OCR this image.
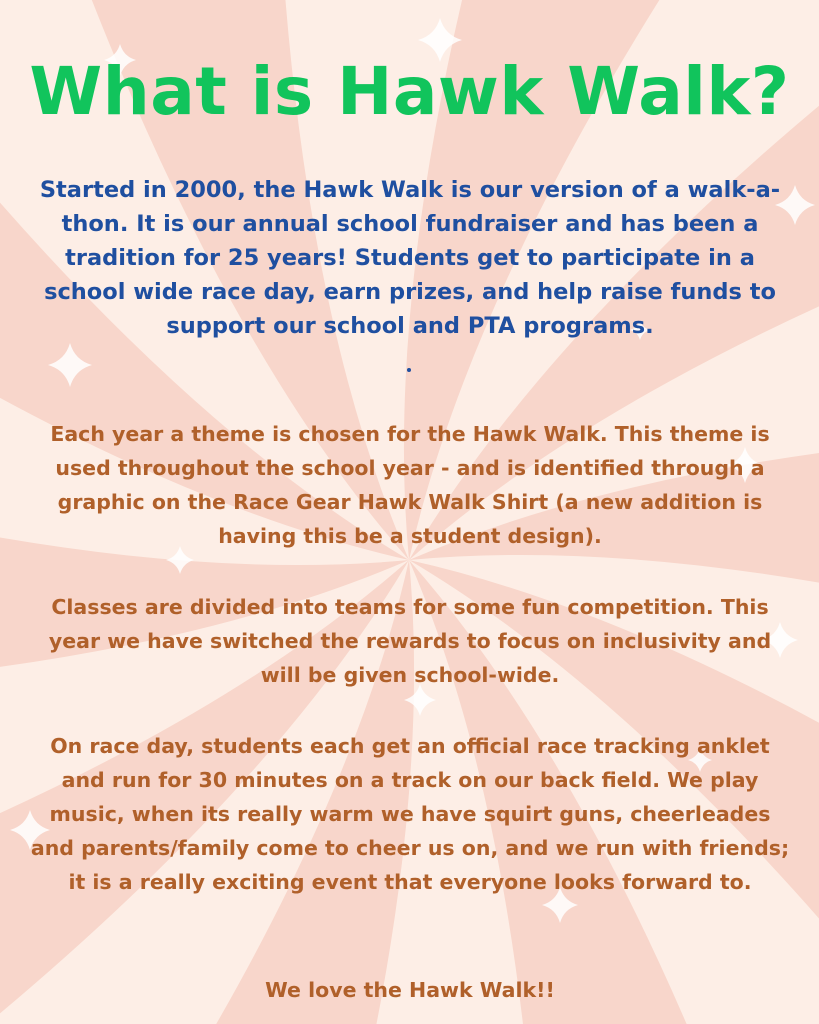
What is Hawk Walk?

Started in 2000, the Hawk Walk is our version of a walk-a-thon. It is our annual school fundraiser and has been a tradition for 25 years! Students get to participate in a school wide race day, earn prizes, and help raise funds to support our school and PTA programs.

Each year a theme is chosen for the Hawk Walk. This theme is used throughout the school year - and is identified through a graphic on the Race Gear Hawk Walk Shirt (a new addition is having this be a student design).

Classes are divided into teams for some fun competition. This year we have switched the rewards to focus on inclusivity and will be given school-wide.

On race day, students each get an official race tracking anklet and run for 30 minutes on a track on our back field. We play music, when its really warm we have squirt guns, cheerleades and parents/family come to cheer us on, and we run with friends; it is a really exciting event that everyone looks forward to.

We love the Hawk Walk!!
